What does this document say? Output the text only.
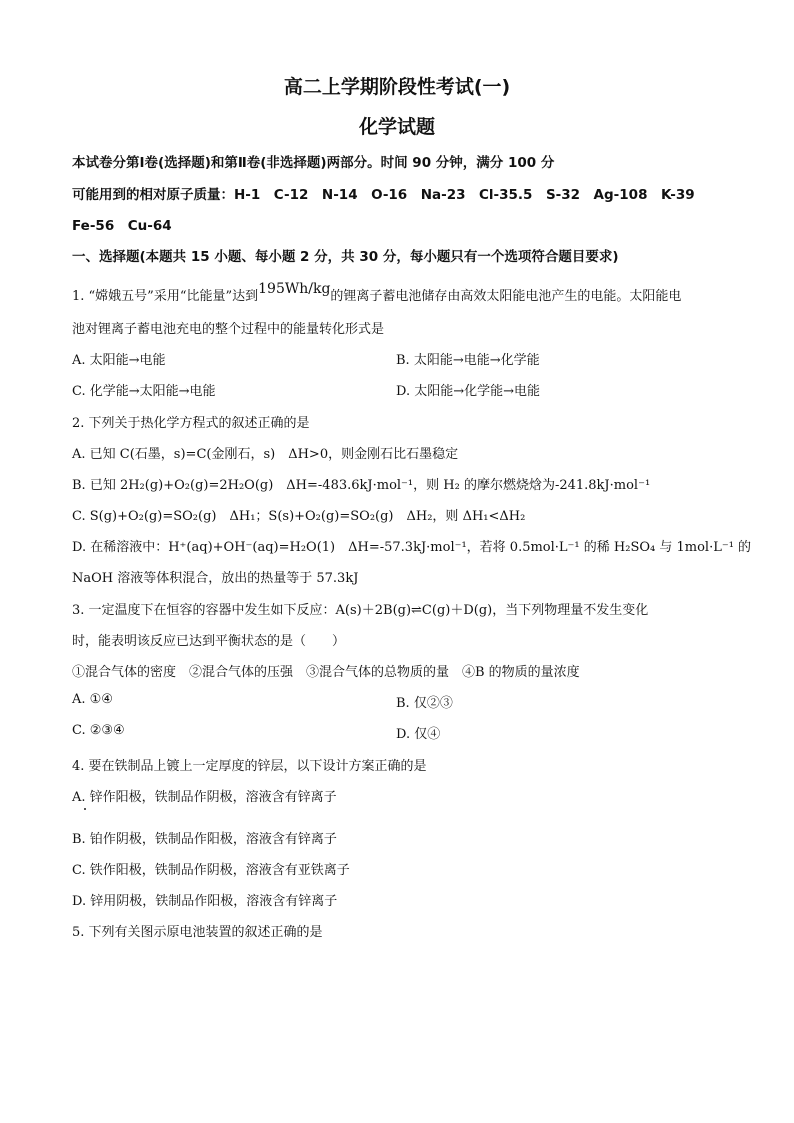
高二上学期阶段性考试(一)
化学试题
本试卷分第Ⅰ卷(选择题)和第Ⅱ卷(非选择题)两部分。时间 90 分钟，满分 100 分
可能用到的相对原子质量：H-1　C-12　N-14　O-16　Na-23　Cl-35.5　S-32　Ag-108　K-39
Fe-56　Cu-64
一、选择题(本题共 15 小题、每小题 2 分，共 30 分，每小题只有一个选项符合题目要求)
1. “嫦娥五号”采用“比能量”达到195Wh/kg的锂离子蓄电池储存由高效太阳能电池产生的电能。太阳能电
池对锂离子蓄电池充电的整个过程中的能量转化形式是
A. 太阳能→电能	B. 太阳能→电能→化学能
C. 化学能→太阳能→电能	D. 太阳能→化学能→电能
2. 下列关于热化学方程式的叙述正确的是
A. 已知 C(石墨，s)=C(金刚石，s)　ΔH>0，则金刚石比石墨稳定
B. 已知 2H₂(g)+O₂(g)=2H₂O(g)　ΔH=-483.6kJ·mol⁻¹，则 H₂ 的摩尔燃烧焓为-241.8kJ·mol⁻¹
C. S(g)+O₂(g)=SO₂(g)　ΔH₁；S(s)+O₂(g)=SO₂(g)　ΔH₂，则 ΔH₁<ΔH₂
D. 在稀溶液中：H⁺(aq)+OH⁻(aq)=H₂O(1)　ΔH=-57.3kJ·mol⁻¹，若将 0.5mol·L⁻¹ 的稀 H₂SO₄ 与 1mol·L⁻¹ 的
NaOH 溶液等体积混合，放出的热量等于 57.3kJ
3. 一定温度下在恒容的容器中发生如下反应：A(s)＋2B(g)⇌C(g)＋D(g)，当下列物理量不发生变化
时，能表明该反应已达到平衡状态的是（　　）
①混合气体的密度　②混合气体的压强　③混合气体的总物质的量　④B 的物质的量浓度
A. ①④	B. 仅②③
C. ②③④	D. 仅④
4. 要在铁制品上镀上一定厚度的锌层，以下设计方案正确的是
A. 锌作阳极，铁制品作阴极，溶液含有锌离子
B. 铂作阴极，铁制品作阳极，溶液含有锌离子
C. 铁作阳极，铁制品作阴极，溶液含有亚铁离子
D. 锌用阴极，铁制品作阳极，溶液含有锌离子
5. 下列有关图示原电池装置的叙述正确的是
